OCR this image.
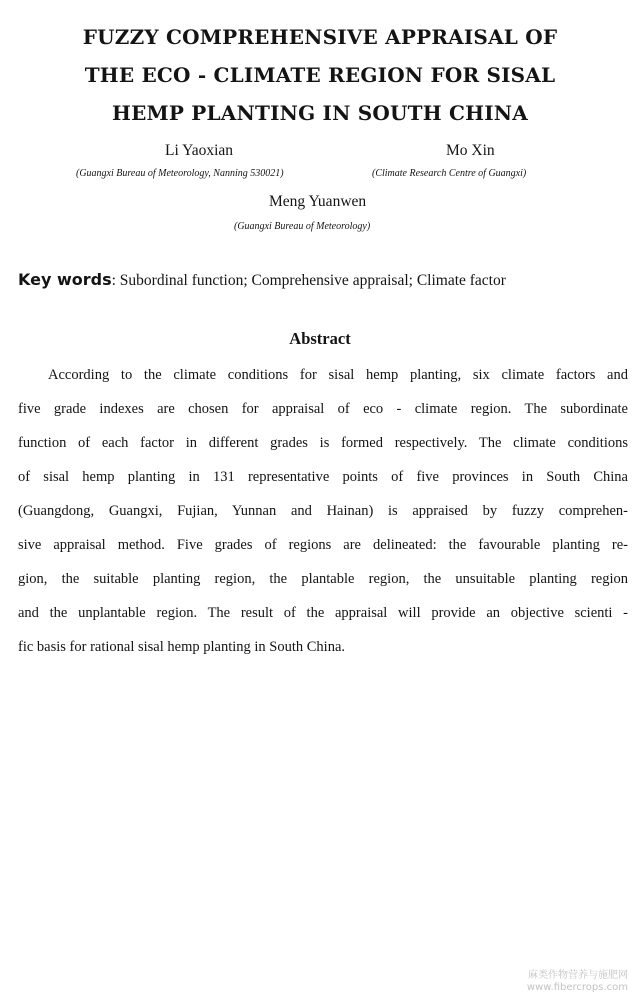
FUZZY COMPREHENSIVE APPRAISAL OF
THE ECO - CLIMATE REGION FOR SISAL
HEMP PLANTING IN SOUTH CHINA
Li Yaoxian	Mo Xin
(Guangxi Bureau of Meteorology, Nanning 530021)	(Climate Research Centre of Guangxi)
Meng Yuanwen
(Guangxi Bureau of Meteorology)
Key words: Subordinal function; Comprehensive appraisal; Climate factor
Abstract
According to the climate conditions for sisal hemp planting, six climate factors and
five grade indexes are chosen for appraisal of eco - climate region. The subordinate
function of each factor in different grades is formed respectively. The climate conditions
of sisal hemp planting in 131 representative points of five provinces in South China
(Guangdong, Guangxi, Fujian, Yunnan and Hainan) is appraised by fuzzy comprehen-
sive appraisal method. Five grades of regions are delineated: the favourable planting re-
gion, the suitable planting region, the plantable region, the unsuitable planting region
and the unplantable region. The result of the appraisal will provide an objective scienti -
fic basis for rational sisal hemp planting in South China.
麻类作物营养与施肥网
www.fibercrops.com
